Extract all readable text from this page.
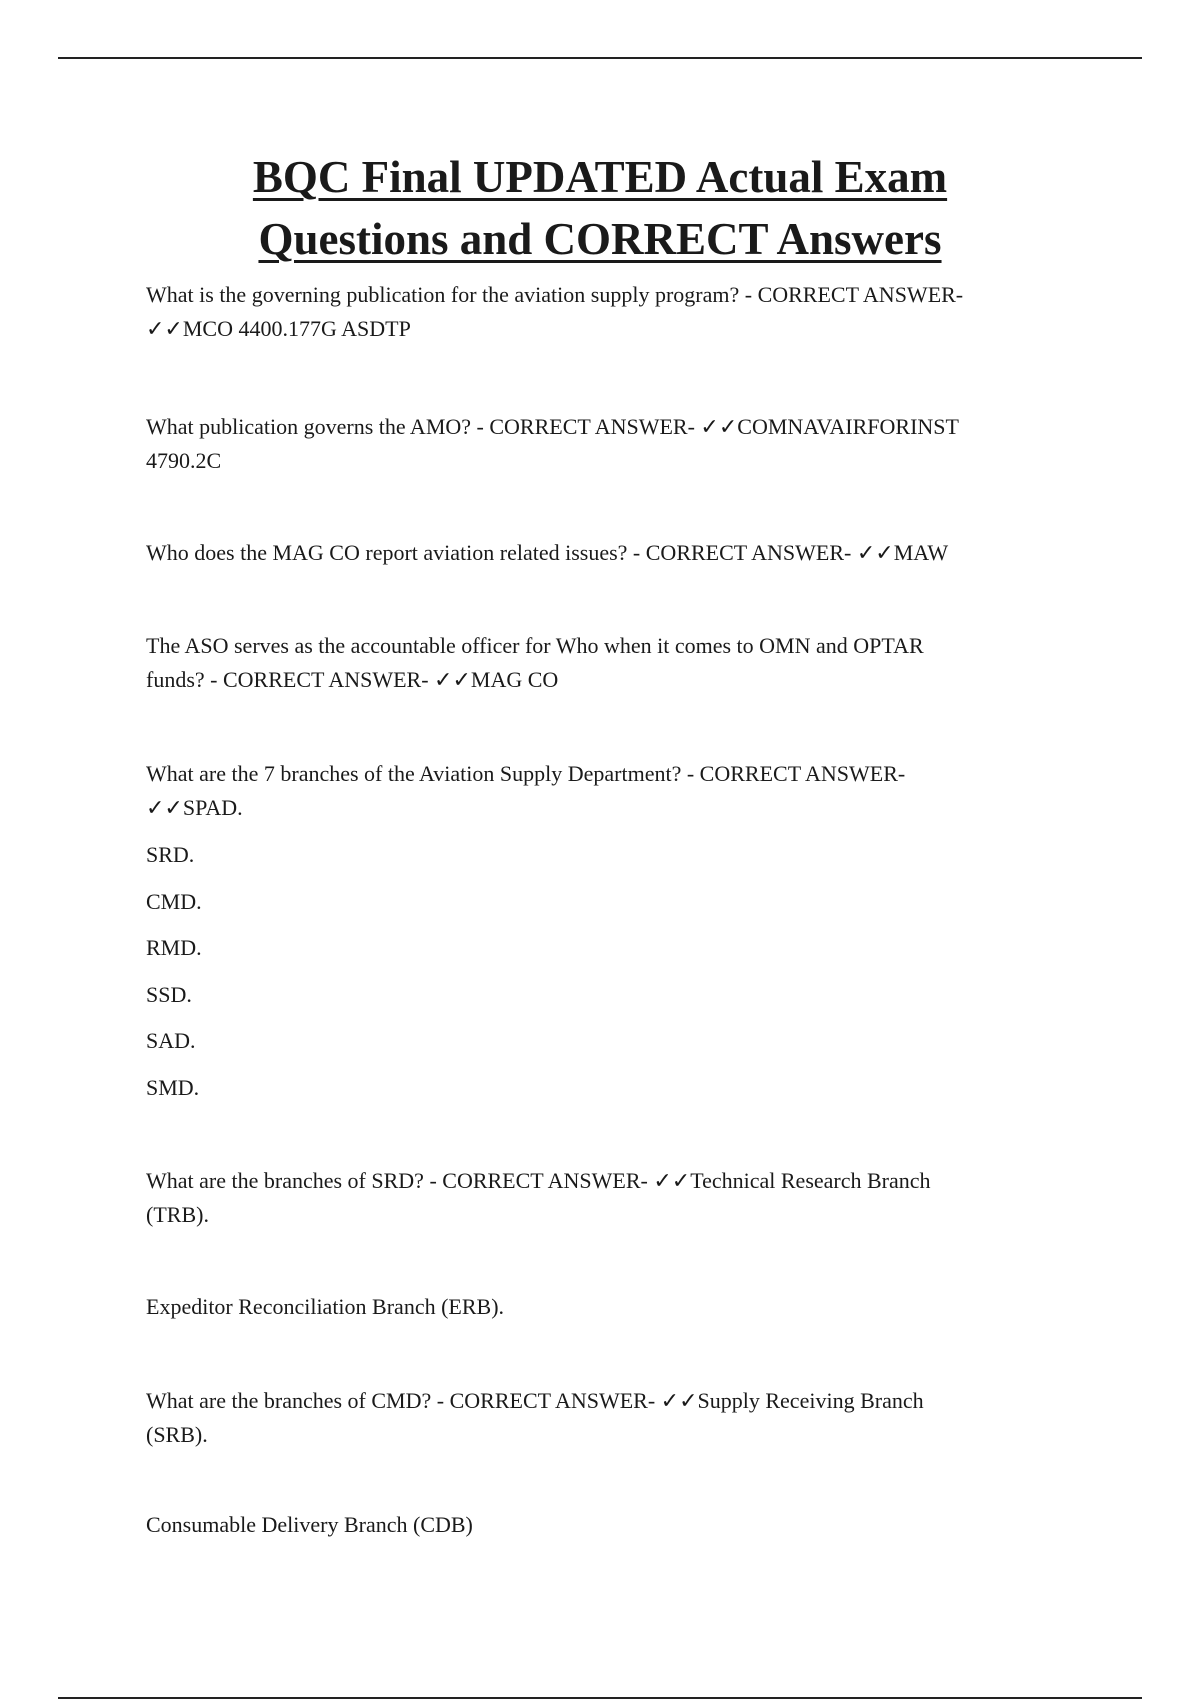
BQC Final UPDATED Actual Exam
Questions and CORRECT Answers
What is the governing publication for the aviation supply program? - CORRECT ANSWER-
✓✓MCO 4400.177G ASDTP
What publication governs the AMO? - CORRECT ANSWER- ✓✓COMNAVAIRFORINST
4790.2C
Who does the MAG CO report aviation related issues? - CORRECT ANSWER- ✓✓MAW
The ASO serves as the accountable officer for Who when it comes to OMN and OPTAR
funds? - CORRECT ANSWER- ✓✓MAG CO
What are the 7 branches of the Aviation Supply Department? - CORRECT ANSWER-
✓✓SPAD.
SRD.
CMD.
RMD.
SSD.
SAD.
SMD.
What are the branches of SRD? - CORRECT ANSWER- ✓✓Technical Research Branch
(TRB).
Expeditor Reconciliation Branch (ERB).
What are the branches of CMD? - CORRECT ANSWER- ✓✓Supply Receiving Branch
(SRB).
Consumable Delivery Branch (CDB)
